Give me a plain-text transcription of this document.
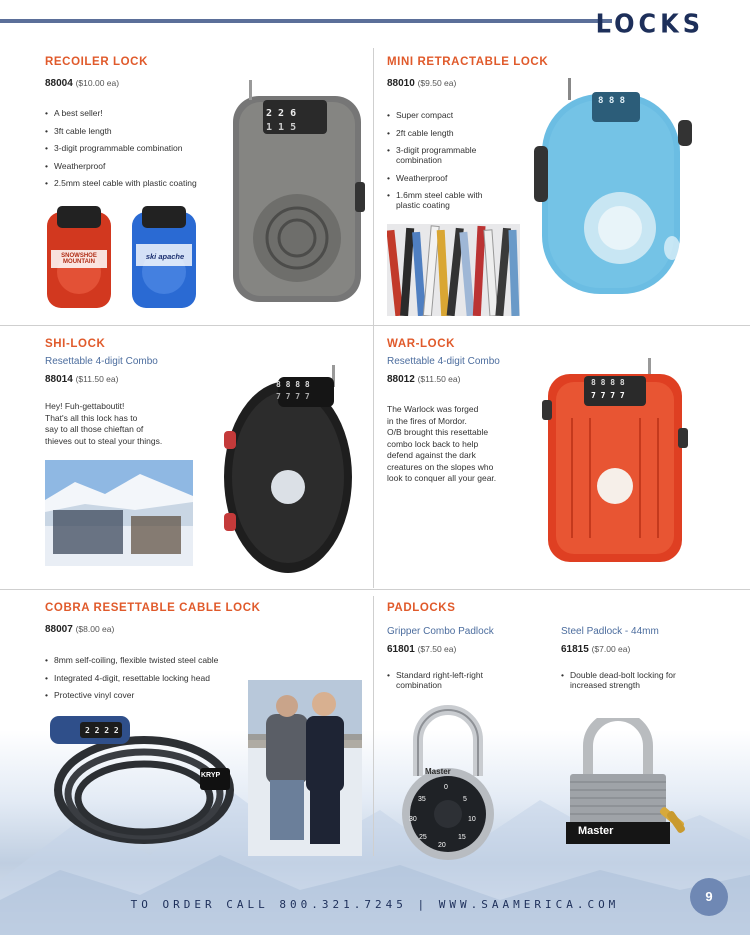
LOCKS
RECOILER LOCK
88004 ($10.00 ea)
• A best seller!
• 3ft cable length
• 3-digit programmable combination
• Weatherproof
• 2.5mm steel cable with plastic coating
SNOWSHOE MOUNTAIN
ski apache
2 2 6
1 1 5
MINI RETRACTABLE LOCK
88010 ($9.50 ea)
• Super compact
• 2ft cable length
• 3-digit programmable combination
• Weatherproof
• 1.6mm steel cable with plastic coating
8 8 8
SHI-LOCK
Resettable 4-digit Combo
88014 ($11.50 ea)
Hey! Fuh-gettaboutit!
That's all this lock has to
say to all those chieftan of
thieves out to steal your things.
8 8 8 8
7 7 7 7
WAR-LOCK
Resettable 4-digit Combo
88012 ($11.50 ea)
The Warlock was forged
in the fires of Mordor.
O/B brought this resettable
combo lock back to help
defend against the dark
creatures on the slopes who
look to conquer all your gear.
8 8 8 8
7 7 7 7
COBRA RESETTABLE CABLE LOCK
88007 ($8.00 ea)
• 8mm self-coiling, flexible twisted steel cable
• Integrated 4-digit, resettable locking head
• Protective vinyl cover
2 2 2 2
KRYP
PADLOCKS
Gripper Combo Padlock
61801 ($7.50 ea)
• Standard right-left-right combination
Steel Padlock - 44mm
61815 ($7.00 ea)
• Double dead-bolt locking for increased strength
Master
0
5
10
15
20
25
30
35
Master
TO ORDER CALL 800.321.7245 | WWW.SAAMERICA.COM
9
